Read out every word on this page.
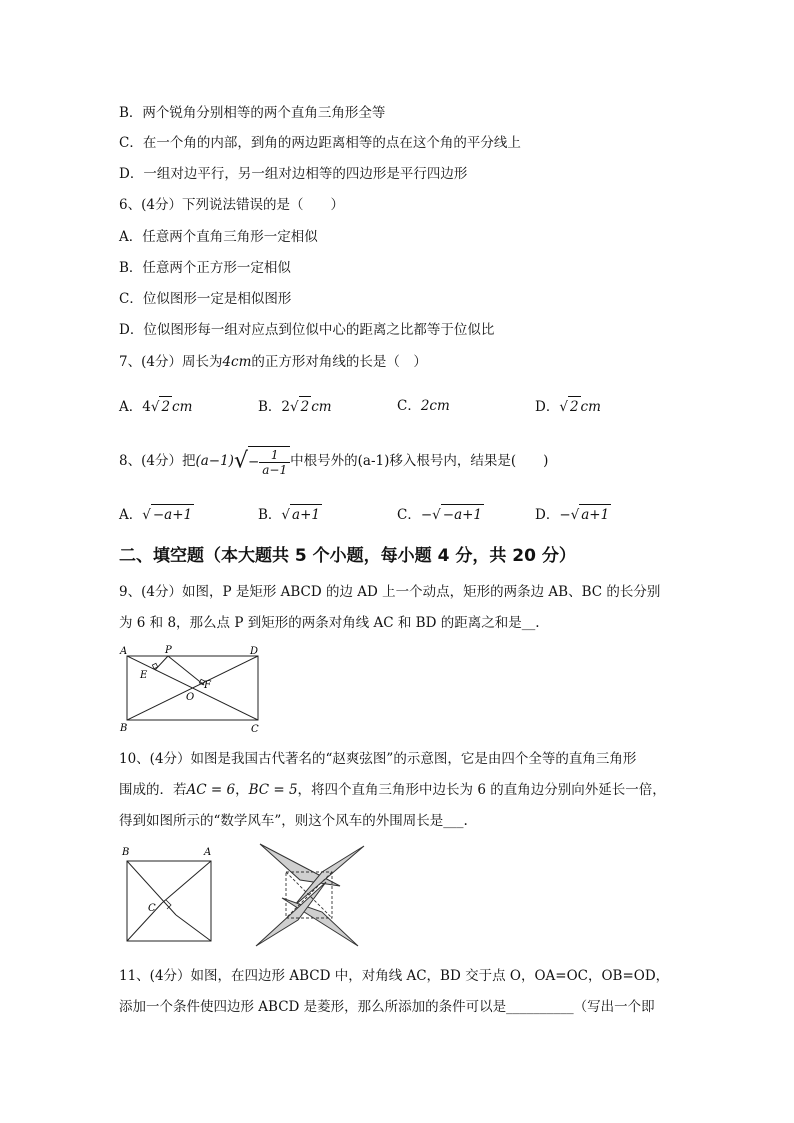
B．两个锐角分别相等的两个直角三角形全等
C．在一个角的内部，到角的两边距离相等的点在这个角的平分线上
D．一组对边平行，另一组对边相等的四边形是平行四边形
6、(4分）下列说法错误的是（　　）
A．任意两个直角三角形一定相似
B．任意两个正方形一定相似
C．位似图形一定是相似图形
D．位似图形每一组对应点到位似中心的距离之比都等于位似比
7、(4分）周长为4cm的正方形对角线的长是（　）
A．4√ 2 cm	B．2√ 2 cm	C．2cm	D．√ 2 cm
8、(4分）把$(a-1)√- \frac{1}{a-1}$ 中根号外的(a-1)移入根号内，结果是(　　)
A．√ −a+1	B．√ a+1	C．−√ −a+1	D．−√ a+1
二、填空题（本大题共 5 个小题，每小题 4 分，共 20 分）
9、(4分）如图，P 是矩形 ABCD 的边 AD 上一个动点，矩形的两条边 AB、BC 的长分别
为 6 和 8，那么点 P 到矩形的两条对角线 AC 和 BD 的距离之和是__.
A
B	C
D
P
E
F
O
10、(4分）如图是我国古代著名的“赵爽弦图”的示意图，它是由四个全等的直角三角形
围成的．若AC = 6，BC = 5，将四个直角三角形中边长为 6 的直角边分别向外延长一倍，
得到如图所示的“数学风车”，则这个风车的外围周长是___.
B	A
C
11、(4分）如图，在四边形 ABCD 中，对角线 AC，BD 交于点 O，OA=OC，OB=OD，
添加一个条件使四边形 ABCD 是菱形，那么所添加的条件可以是__________（写出一个即
